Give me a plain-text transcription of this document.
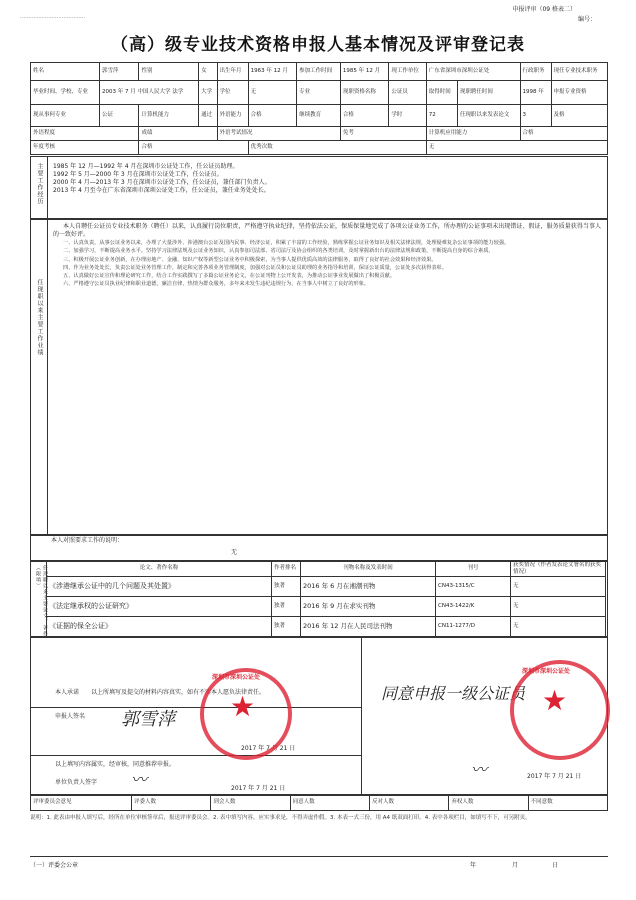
…………………………………
申报评审（09 格表二）
编号：
（高）级专业技术资格申报人基本情况及评审登记表
姓名	郭雪萍	性别	女	出生年月	1963 年 12 月	参加工作时间	1985 年 12 月	现工作单位	广东省深圳市深圳公证处		行政职务	现任专业技术职务
毕业时间、学校、专业	2003 年 7 月 中国人民大学 法学		大学	学位	无	专业	现职资格名称	公证员	取得时间	现职聘任时间	1998 年	申报专业资格
现从事何专业	公证	计算机能力	通过	外语能力	合格	继续教育	合格	学时	72	任现职以来发表论文	3	及格
外语程度		成绩		外语考试情况			免考		计算机应用能力		合格	
年度考核		合格			优秀次数				无			
主要工作经历 1985 年 12 月—1992 年 4 月在深圳市公证处工作，任公证员助理。
1992 年 5 月—2000 年 3 月在深圳市公证处工作，任公证员。
2000 年 4 月—2013 年 3 月在深圳市公证处工作，任公证员，兼任部门负责人。
2013 年 4 月至今在广东省深圳市深圳公证处工作，任公证员，兼任业务处处长。
任现职以来主要工作业绩

本人自聘任公证员专业技术职务（聘任）以来，认真履行岗位职责，严格遵守执业纪律，坚持依法公证，保质保量地完成了各项公证业务工作，所办理的公证事项未出现错证、假证，服务质量获得当事人的一致好评。

一、认真负责，从事公证业务以来，办理了大量涉外、涉港澳台公证及国内民事、经济公证，积累了丰富的工作经验，熟练掌握公证业务知识及相关法律法规，处理疑难复杂公证事项的能力较强。

二、加强学习，不断提高业务水平。坚持学习法律法规及公证业务知识，认真参加司法部、省司法厅及协会组织的各类培训，及时掌握新出台的法律法规和政策，不断提高自身的综合素质。

三、积极开展公证业务创新，在办理房地产、金融、知识产权等新型公证业务中积极探索，为当事人提供优质高效的法律服务，取得了良好的社会效果和经济效果。

四、作为业务处处长，负责公证处业务管理工作，制定和完善各项业务管理制度，加强对公证员和公证员助理的业务指导和培训，保证公证质量，公证处多次获得表彰。

五、认真做好公证宣传和理论研究工作，结合工作实践撰写了多篇公证业务论文，在公证刊物上公开发表，为推动公证事业发展做出了积极贡献。

六、严格遵守公证员执业纪律和职业道德，廉洁自律，热情为群众服务，多年来未发生违纪违规行为，在当事人中树立了良好的形象。

本人对照要求工作的说明：
无
任现职以来主要论文、著作（限填）	论文、著作名称	作者排名	刊物名称及发表时间	刊号	获奖情况（作者发表论文署名的获奖情况）
《涉港继承公证中的几个问题及其处置》	独著	2016 年 6 月在湘潮刊物	CN43-1315/C	无
《法定继承权的公证研究》	独著	2016 年 9 月在求实刊物	CN43-1422/K	无
《证据的保全公证》	独著	2016 年 12 月在人民司法刊物	CN11-1277/D	无
本人承诺 以上所填写及提交的材料内容真实，如有不实本人愿负法律责任。
申报人签名 郭雪萍
2017 年 7 月 21 日
以上填写内容属实，经审核，同意推荐申报。
单位负责人签字 〰	2017 年 7 月 21 日
同意申报一级公证员
〰	2017 年 7 月 21 日
★
深圳市深圳公证处
★
深圳市深圳公证处
评审委员会意见	评委人数	到会人数	同意人数	反对人数	弃权人数	不同意数
说明：1. 此表由申报人填写后，经所在单位审核签章后，报送评审委员会。2. 表中填写内容，应实事求是，不得弄虚作假。3. 本表一式三份，用 A4 纸双面打印。4. 表中各项栏目，如填写不下，可另附页。
（一）评委会公章	年	月	日
